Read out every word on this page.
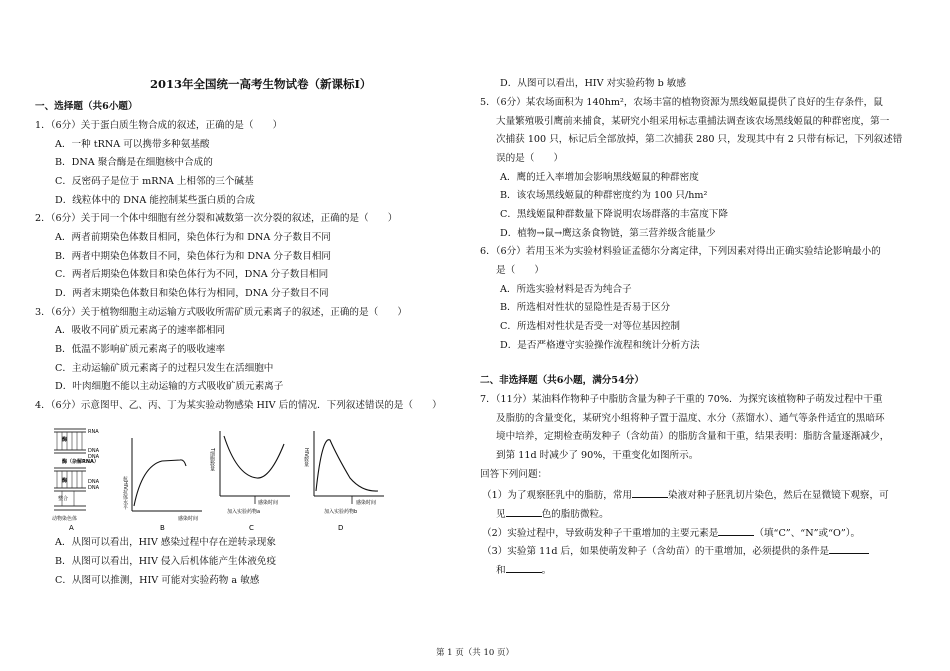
2013年全国统一高考生物试卷（新课标Ⅰ）
一、选择题（共6小题）
1．（6分）关于蛋白质生物合成的叙述，正确的是（　　）
A．一种 tRNA 可以携带多种氨基酸
B．DNA 聚合酶是在细胞核中合成的
C．反密码子是位于 mRNA 上相邻的三个碱基
D．线粒体中的 DNA 能控制某些蛋白质的合成
2．（6分）关于同一个体中细胞有丝分裂和减数第一次分裂的叙述，正确的是（　　）
A．两者前期染色体数目相同，染色体行为和 DNA 分子数目不同
B．两者中期染色体数目不同，染色体行为和 DNA 分子数目相同
C．两者后期染色体数目和染色体行为不同，DNA 分子数目相同
D．两者末期染色体数目和染色体行为相同，DNA 分子数目不同
3．（6分）关于植物细胞主动运输方式吸收所需矿质元素离子的叙述，正确的是（　　）
A．吸收不同矿质元素离子的速率都相同
B．低温不影响矿质元素离子的吸收速率
C．主动运输矿质元素离子的过程只发生在活细胞中
D．叶肉细胞不能以主动运输的方式吸收矿质元素离子
4．（6分）示意图甲、乙、丙、丁为某实验动物感染 HIV 后的情况．下列叙述错误的是（　　）
RNA
酶
DNA
DNA
酶（杂解RNA）
酶	DNA
DNA
整合
动物染色体
抗HIV抗体水平
感染时间
T细胞数量
感染时间
加入实验药物a
HIV数量
感染时间
加入实验药物b
A	B	C	D
A．从图可以看出，HIV 感染过程中存在逆转录现象
B．从图可以看出，HIV 侵入后机体能产生体液免疫
C．从图可以推测，HIV 可能对实验药物 a 敏感
D．从图可以看出，HIV 对实验药物 b 敏感
5．（6分）某农场面积为 140hm²，农场丰富的植物资源为黑线姬鼠提供了良好的生存条件，鼠
大量繁殖吸引鹰前来捕食，某研究小组采用标志重捕法调查该农场黑线姬鼠的种群密度，第一
次捕获 100 只，标记后全部放掉，第二次捕获 280 只，发现其中有 2 只带有标记，下列叙述错
误的是（　　）
A．鹰的迁入率增加会影响黑线姬鼠的种群密度
B．该农场黑线姬鼠的种群密度约为 100 只/hm²
C．黑线姬鼠种群数量下降说明农场群落的丰富度下降
D．植物→鼠→鹰这条食物链，第三营养级含能量少
6．（6分）若用玉米为实验材料验证孟德尔分离定律，下列因素对得出正确实验结论影响最小的
是（　　）
A．所选实验材料是否为纯合子
B．所选相对性状的显隐性是否易于区分
C．所选相对性状是否受一对等位基因控制
D．是否严格遵守实验操作流程和统计分析方法
二、非选择题（共6小题，满分54分）
7．（11分）某油料作物种子中脂肪含量为种子干重的 70%．为探究该植物种子萌发过程中干重
及脂肪的含量变化，某研究小组将种子置于温度、水分（蒸馏水）、通气等条件适宜的黑暗环
境中培养，定期检查萌发种子（含幼苗）的脂肪含量和干重，结果表明：脂肪含量逐渐减少，
到第 11d 时减少了 90%，干重变化如图所示。
回答下列问题：
（1）为了观察胚乳中的脂肪，常用	染液对种子胚乳切片染色，然后在显微镜下观察，可
见	色的脂肪微粒。
（2）实验过程中，导致萌发种子干重增加的主要元素是	（填“C”、“N”或“O”）。
（3）实验第 11d 后，如果使萌发种子（含幼苗）的干重增加，必须提供的条件是
和	。
第 1 页（共 10 页）
